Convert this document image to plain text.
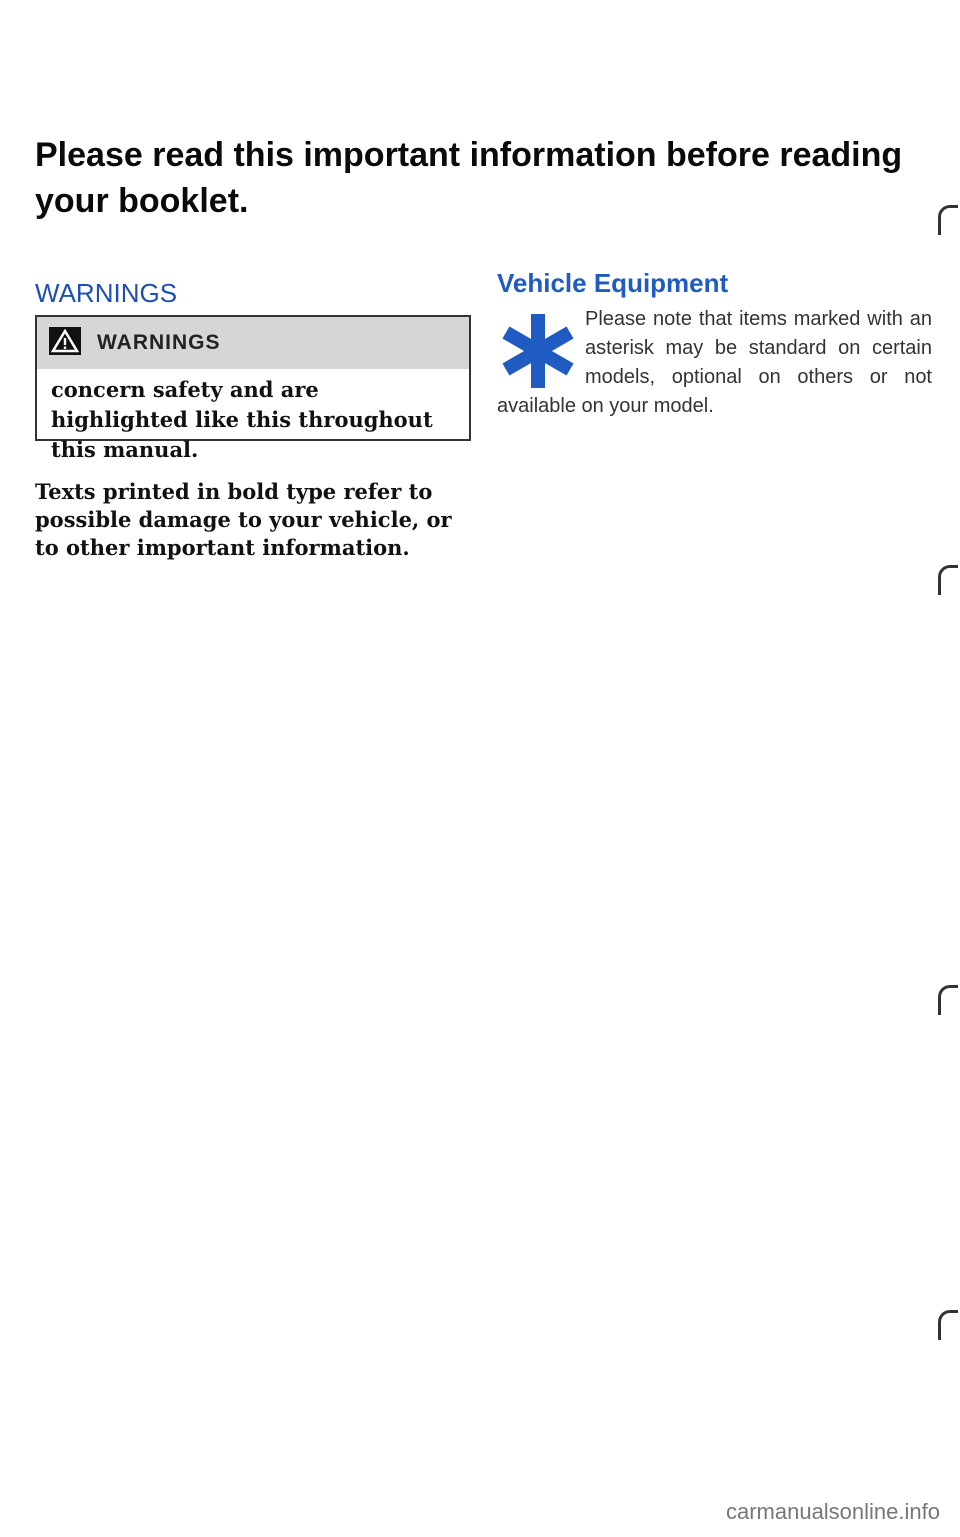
Please read this important information before reading your booklet.
WARNINGS
WARNINGS
concern safety and are highlighted like this throughout this manual.

Texts printed in bold type refer to possible damage to your vehicle, or to other important information.

Vehicle Equipment

Please note that items marked with an asterisk may be standard on certain models, optional on others or not available on your model.

carmanualsonline.info
